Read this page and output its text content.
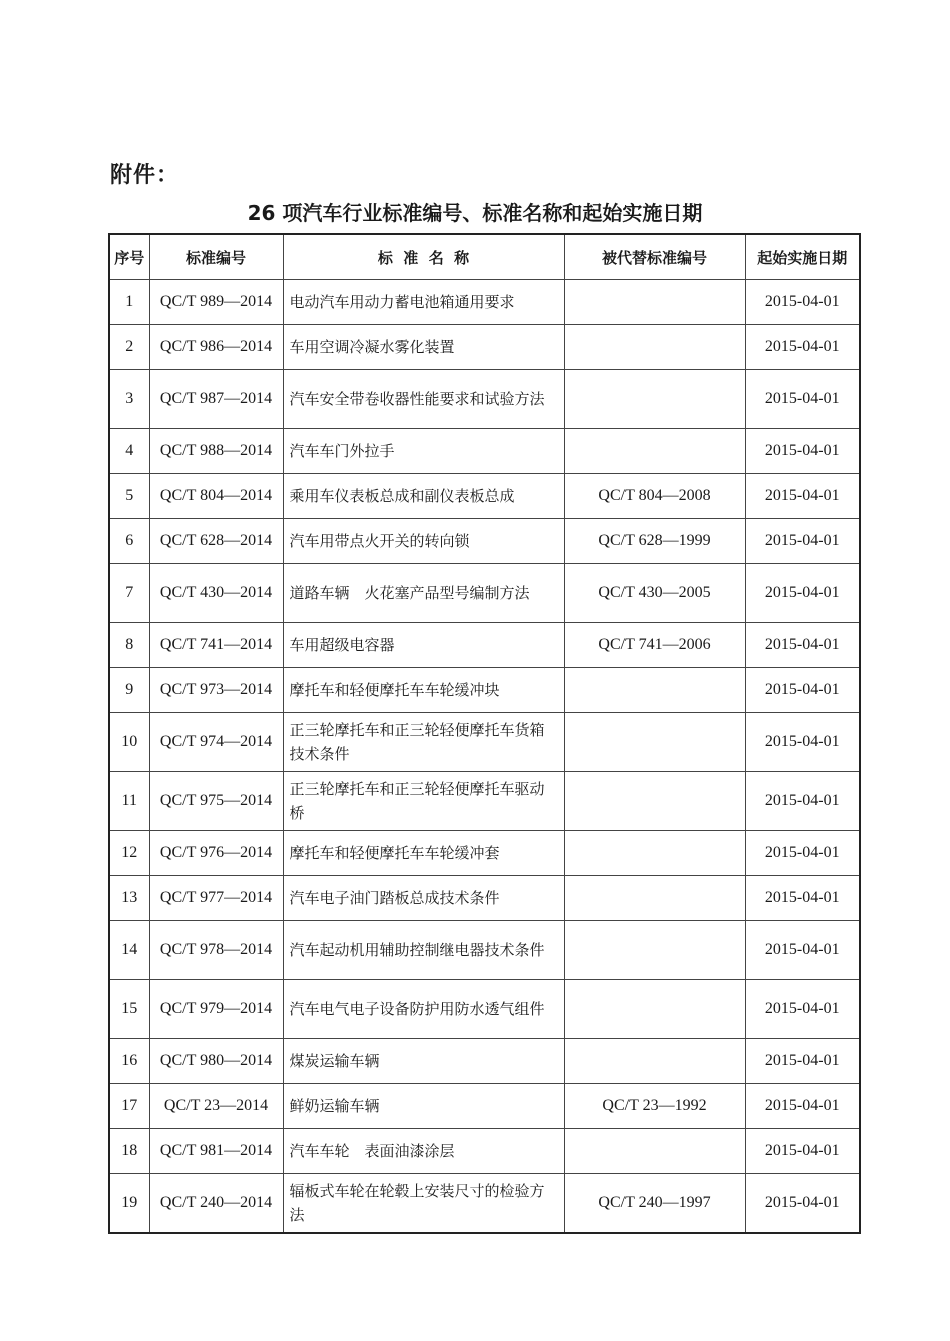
附件：
26 项汽车行业标准编号、标准名称和起始实施日期
序号	标准编号	标  准  名  称	被代替标准编号	起始实施日期
1	QC/T 989—2014	电动汽车用动力蓄电池箱通用要求		2015-04-01
2	QC/T 986—2014	车用空调冷凝水雾化装置		2015-04-01
3	QC/T 987—2014	汽车安全带卷收器性能要求和试验方法		2015-04-01
4	QC/T 988—2014	汽车车门外拉手		2015-04-01
5	QC/T 804—2014	乘用车仪表板总成和副仪表板总成	QC/T 804—2008	2015-04-01
6	QC/T 628—2014	汽车用带点火开关的转向锁	QC/T 628—1999	2015-04-01
7	QC/T 430—2014	道路车辆　火花塞产品型号编制方法	QC/T 430—2005	2015-04-01
8	QC/T 741—2014	车用超级电容器	QC/T 741—2006	2015-04-01
9	QC/T 973—2014	摩托车和轻便摩托车车轮缓冲块		2015-04-01
10	QC/T 974—2014	正三轮摩托车和正三轮轻便摩托车货箱技术条件		2015-04-01
11	QC/T 975—2014	正三轮摩托车和正三轮轻便摩托车驱动桥		2015-04-01
12	QC/T 976—2014	摩托车和轻便摩托车车轮缓冲套		2015-04-01
13	QC/T 977—2014	汽车电子油门踏板总成技术条件		2015-04-01
14	QC/T 978—2014	汽车起动机用辅助控制继电器技术条件		2015-04-01
15	QC/T 979—2014	汽车电气电子设备防护用防水透气组件		2015-04-01
16	QC/T 980—2014	煤炭运输车辆		2015-04-01
17	QC/T 23—2014	鲜奶运输车辆	QC/T 23—1992	2015-04-01
18	QC/T 981—2014	汽车车轮　表面油漆涂层		2015-04-01
19	QC/T 240—2014	辐板式车轮在轮毂上安装尺寸的检验方法	QC/T 240—1997	2015-04-01
